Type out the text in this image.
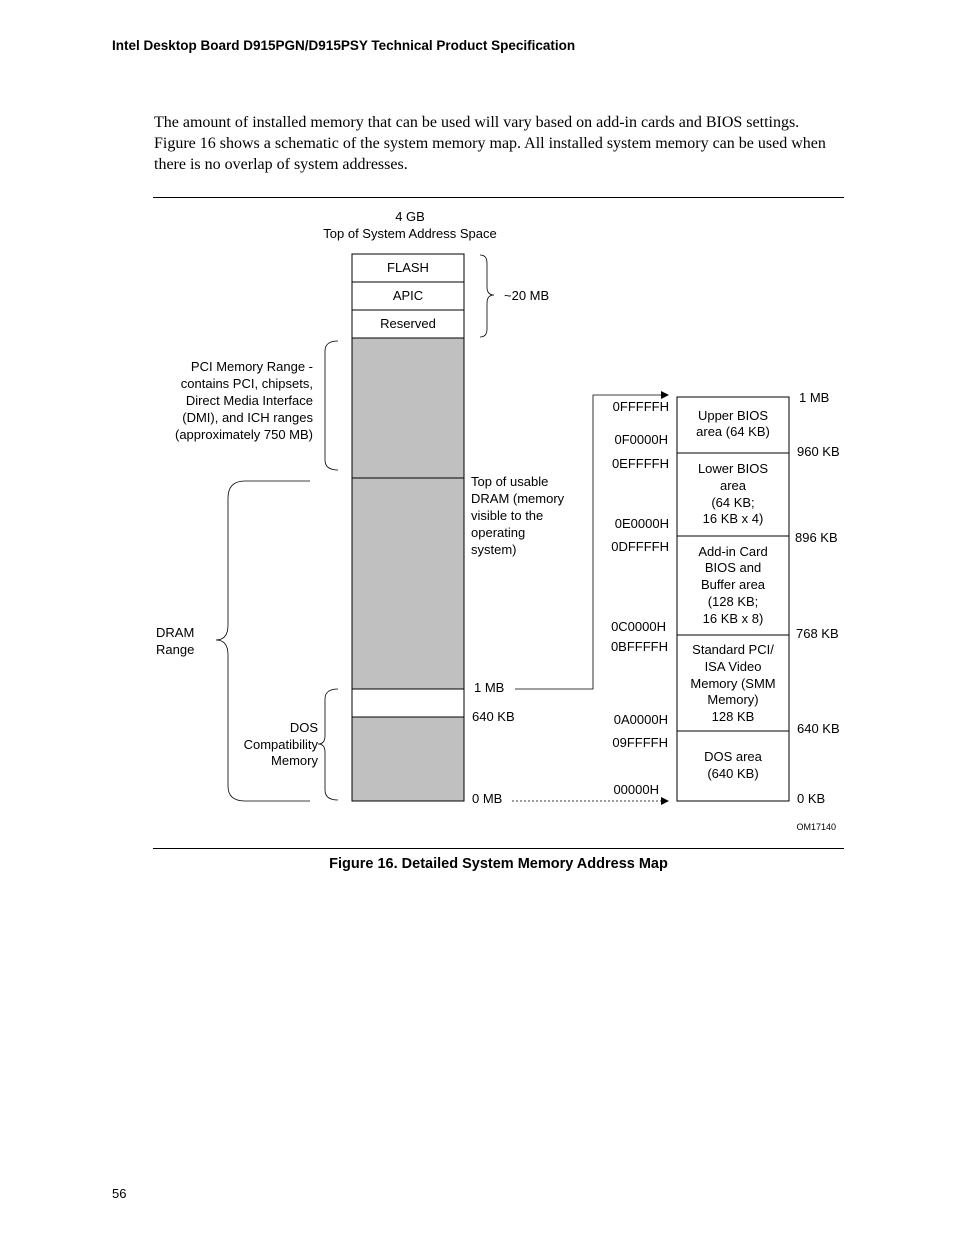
Intel Desktop Board D915PGN/D915PSY Technical Product Specification
The amount of installed memory that can be used will vary based on add-in cards and BIOS settings. Figure 16 shows a schematic of the system memory map. All installed system memory can be used when there is no overlap of system addresses.
4 GB
Top of System Address Space
FLASH
APIC
Reserved
~20 MB
PCI Memory Range -
contains PCI, chipsets,
Direct Media Interface
(DMI), and ICH ranges
(approximately 750 MB)
DRAM
Range
DOS
Compatibility
Memory
Top of usable
DRAM (memory
visible to the
operating
system)
1 MB
640 KB
0 MB
Upper BIOS
area (64 KB)
Lower BIOS
area
(64 KB;
16 KB x 4)
Add-in Card
BIOS and
Buffer area
(128 KB;
16 KB x 8)
Standard PCI/
ISA Video
Memory (SMM
Memory)
128 KB
DOS area
(640 KB)
0FFFFFH
0F0000H
0EFFFFH
0E0000H
0DFFFFH
0C0000H
0BFFFFH
0A0000H
09FFFFH
00000H
1 MB
960 KB
896 KB
768 KB
640 KB
0 KB
OM17140
Figure 16. Detailed System Memory Address Map
56
